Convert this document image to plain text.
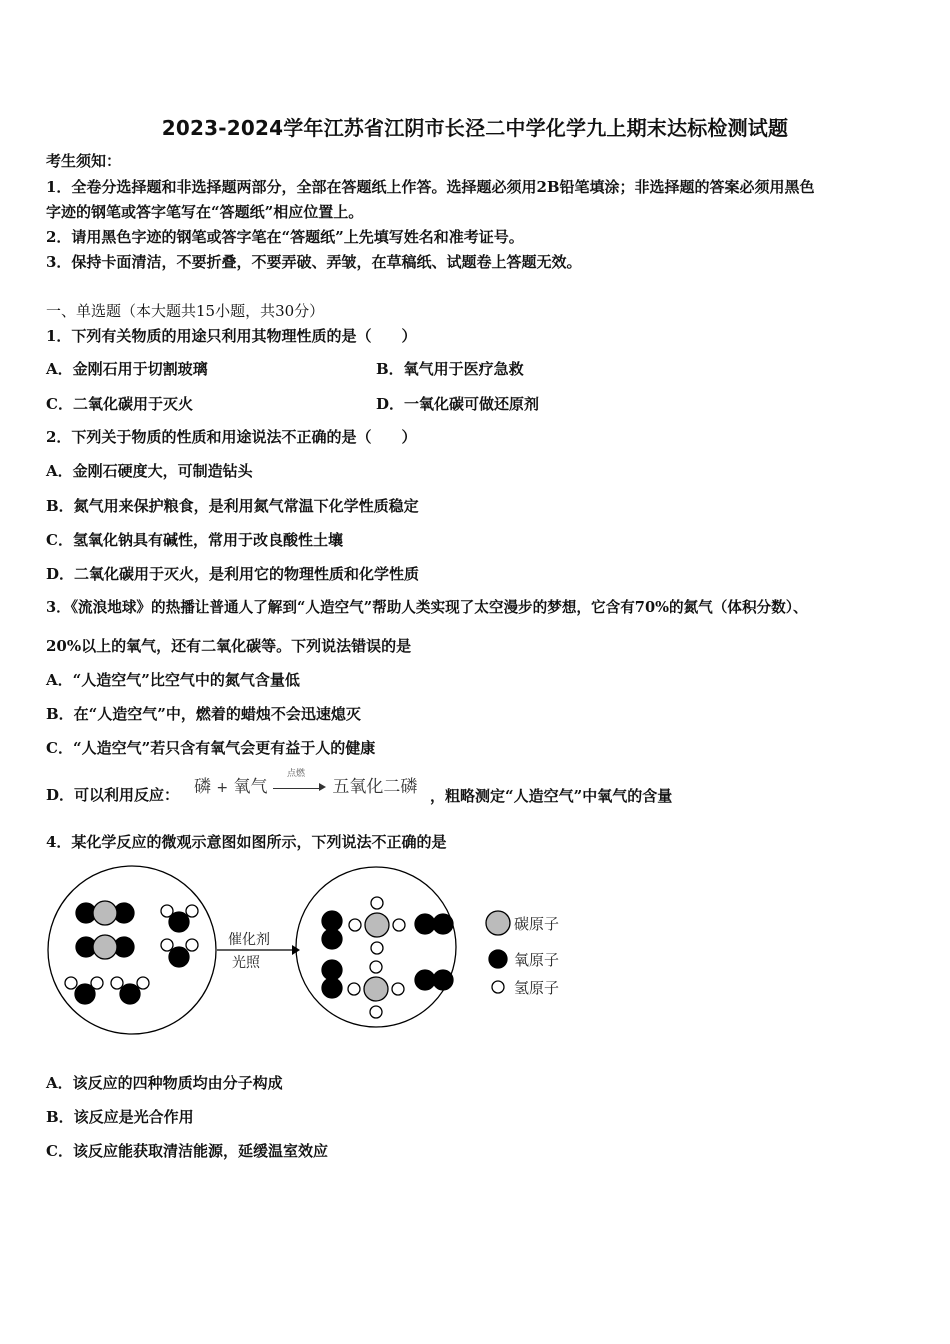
2023-2024学年江苏省江阴市长泾二中学化学九上期末达标检测试题
考生须知：
1．全卷分选择题和非选择题两部分，全部在答题纸上作答。选择题必须用2B铅笔填涂；非选择题的答案必须用黑色
字迹的钢笔或答字笔写在“答题纸”相应位置上。
2．请用黑色字迹的钢笔或答字笔在“答题纸”上先填写姓名和准考证号。
3．保持卡面清洁，不要折叠，不要弄破、弄皱，在草稿纸、试题卷上答题无效。
一、单选题（本大题共15小题，共30分）
1．下列有关物质的用途只利用其物理性质的是（　　）
A．金刚石用于切割玻璃	B．氧气用于医疗急救
C．二氧化碳用于灭火	D．一氧化碳可做还原剂
2．下列关于物质的性质和用途说法不正确的是（　　）
A．金刚石硬度大，可制造钻头
B．氮气用来保护粮食，是利用氮气常温下化学性质稳定
C．氢氧化钠具有碱性，常用于改良酸性土壤
D．二氧化碳用于灭火，是利用它的物理性质和化学性质
3．《流浪地球》的热播让普通人了解到“人造空气”帮助人类实现了太空漫步的梦想，它含有70%的氮气（体积分数）、
20%以上的氧气，还有二氧化碳等。下列说法错误的是
A．“人造空气”比空气中的氮气含量低
B．在“人造空气”中，燃着的蜡烛不会迅速熄灭
C．“人造空气”若只含有氧气会更有益于人的健康
D．可以利用反应： 磷 + 氧气
点燃
五氧化二磷 ，粗略测定“人造空气”中氧气的含量
4．某化学反应的微观示意图如图所示，下列说法不正确的是
催化剂
光照
碳原子
氧原子
氢原子
A．该反应的四种物质均由分子构成
B．该反应是光合作用
C．该反应能获取清洁能源，延缓温室效应
